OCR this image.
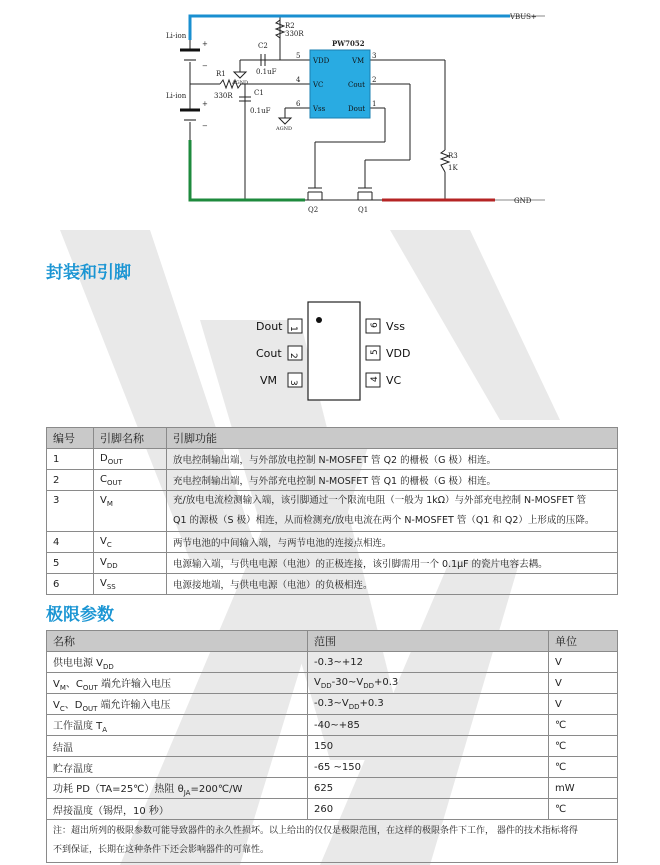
PW7052
Li-ion
Li-ion
+
−
+
−
R2
330R
R1
330R
R3
1K
C2
0.1uF
C1
0.1uF
AGND
AGND
VBUS+
GND
Q2	Q1
5
4
6
3
2
1
VDD
VC
Vss
VM
Cout
Dout
封装和引脚
Dout
Cout
VM
Vss
VDD
VC
1
2
3
6
5
4
编号	引脚名称	引脚功能
1	$D_{OUT}$	放电控制输出端，与外部放电控制 N-MOSFET 管 Q2 的栅极（G 极）相连。
2	$C_{OUT}$	充电控制输出端，与外部充电控制 N-MOSFET 管 Q1 的栅极（G 极）相连。
3	$V_M$	充/放电电流检测输入端，该引脚通过一个限流电阻（一般为 1kΩ）与外部充电控制 N-MOSFET 管
Q1 的源极（S 极）相连，从而检测充/放电电流在两个 N-MOSFET 管（Q1 和 Q2）上形成的压降。
4	$V_C$	两节电池的中间输入端，与两节电池的连接点相连。
5	$V_{DD}$	电源输入端，与供电电源（电池）的正极连接，该引脚需用一个 0.1μF 的瓷片电容去耦。
6	$V_{SS}$	电源接地端，与供电电源（电池）的负极相连。
极限参数
名称	范围	单位
供电电源 $V_{DD}$	-0.3~+12	V
$V_M$、$C_{OUT}$ 端允许输入电压	$V_{DD}-30\sim V_{DD}+0.3$	V
$V_C$、$D_{OUT}$ 端允许输入电压	$-0.3\sim V_{DD}+0.3$	V
工作温度 $T_A$	-40~+85	℃
结温	150	℃
贮存温度	-65 ~150	℃
功耗 PD（TA=25℃）热阻 $\theta_{JA}=200℃/W$	625	mW
焊接温度（锡焊，10 秒）	260	℃
注：超出所列的极限参数可能导致器件的永久性损坏。以上给出的仅仅是极限范围，在这样的极限条件下工作， 器件的技术指标将得
不到保证，长期在这种条件下还会影响器件的可靠性。		
